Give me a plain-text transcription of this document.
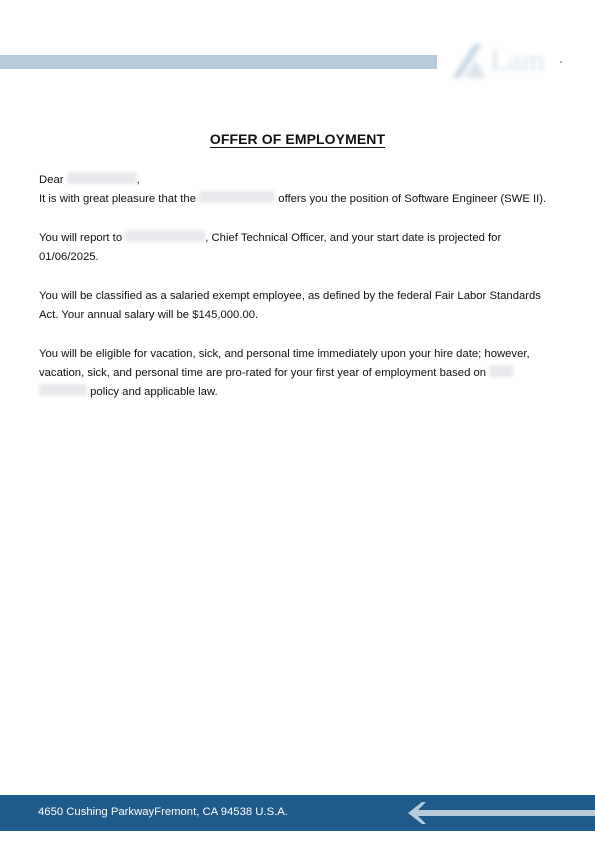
Lam
OFFER OF EMPLOYMENT

Dear	,

It is with great pleasure that the	offers you the position of Software Engineer (SWE II).

You will report to	, Chief Technical Officer, and your start date is projected for 01/06/2025.

You will be classified as a salaried exempt employee, as defined by the federal Fair Labor Standards Act. Your annual salary will be $145,000.00.

You will be eligible for vacation, sick, and personal time immediately upon your hire date; however, vacation, sick, and personal time are pro-rated for your first year of employment based on   policy and applicable law.

4650 Cushing ParkwayFremont, CA 94538 U.S.A.
